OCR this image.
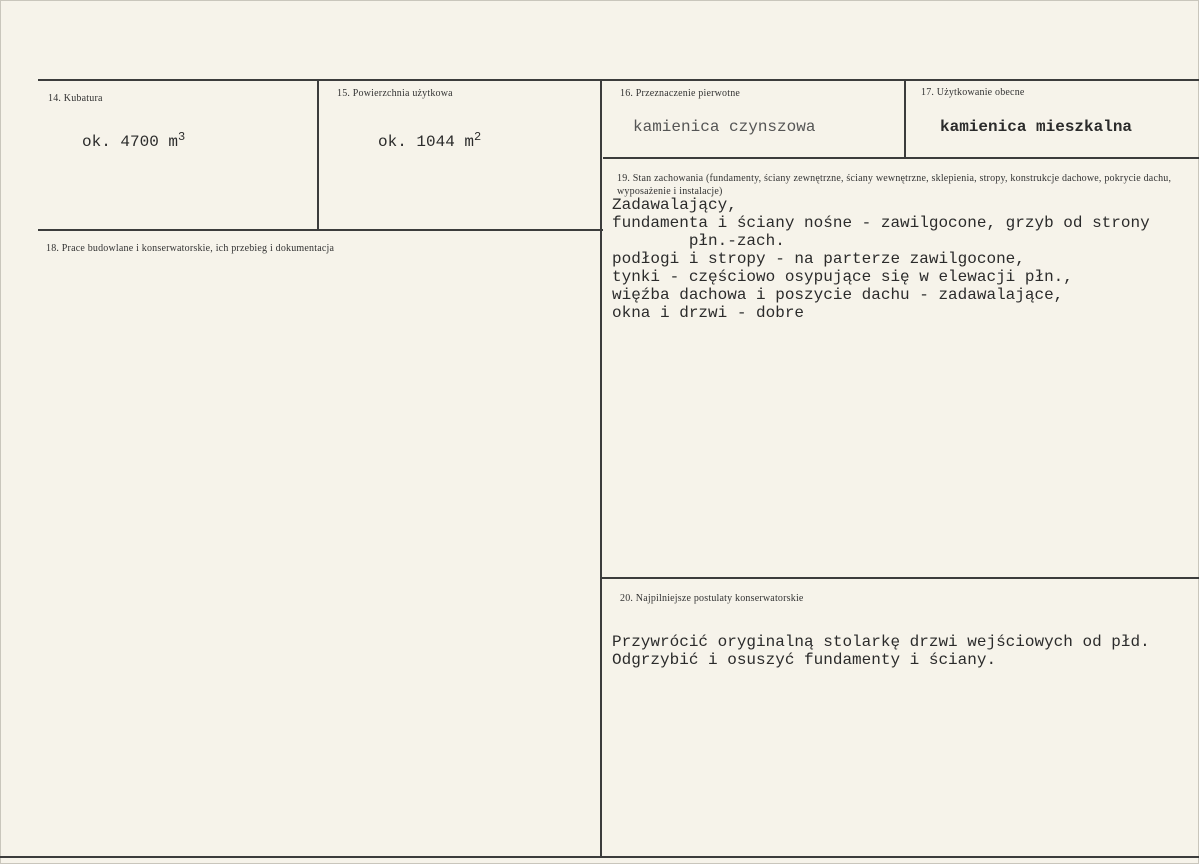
14. Kubatura
ok. 4700 $m^3$
15. Powierzchnia użytkowa
ok. 1044 $m^2$
16. Przeznaczenie pierwotne
kamienica czynszowa
17. Użytkowanie obecne
kamienica mieszkalna
18. Prace budowlane i konserwatorskie, ich przebieg i dokumentacja
19. Stan zachowania (fundamenty, ściany zewnętrzne, ściany wewnętrzne, sklepienia, stropy, konstrukcje dachowe, pokrycie dachu, wyposażenie i instalacje)
Zadawalający,
fundamenta i ściany nośne - zawilgocone, grzyb od strony
płn.-zach.
podłogi i stropy - na parterze zawilgocone,
tynki - częściowo osypujące się w elewacji płn.,
więźba dachowa i poszycie dachu - zadawalające,
okna i drzwi - dobre
20. Najpilniejsze postulaty konserwatorskie
Przywrócić oryginalną stolarkę drzwi wejściowych od płd.
Odgrzybić i osuszyć fundamenty i ściany.
